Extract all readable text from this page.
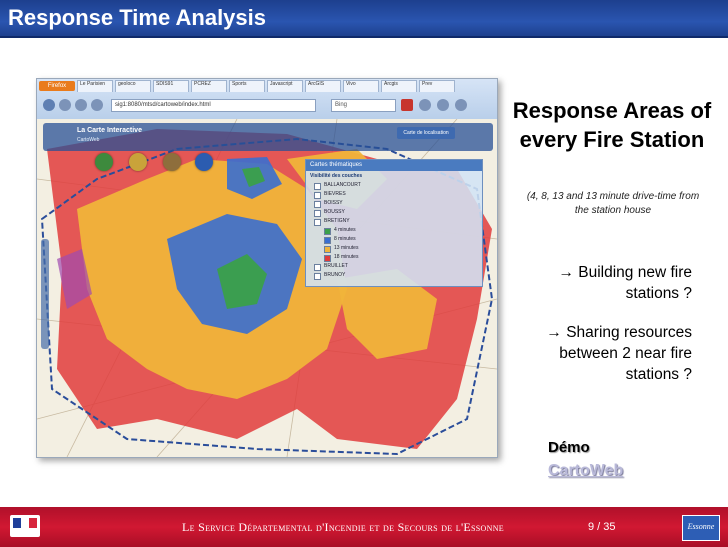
Response Time Analysis
Firefox	Le Parisien	geoloco	SDIS91	PCREZ	Sports	Javascript	ArcGIS	Vivo	Arcgis	Prev
sig1:8080/mtsd/cartoweb/index.html	Bing
La Carte Interactive
CartoWeb
Carte de localisation
Cartes thématiques
Visibilité des couches
BALLANCOURT
BIEVRES
BOISSY
BOUSSY
BRETIGNY
4 minutes
8 minutes
13 minutes
18 minutes
BRUILLET
BRUNOY
Response Areas of every Fire Station
(4, 8, 13 and 13 minute drive-time from the station house
→ Building new fire stations ?
→ Sharing resources between 2 near fire stations ?
Démo
CartoWeb
Le Service Départemental d'Incendie et de Secours de l'Essonne	9 / 35	Essonne
